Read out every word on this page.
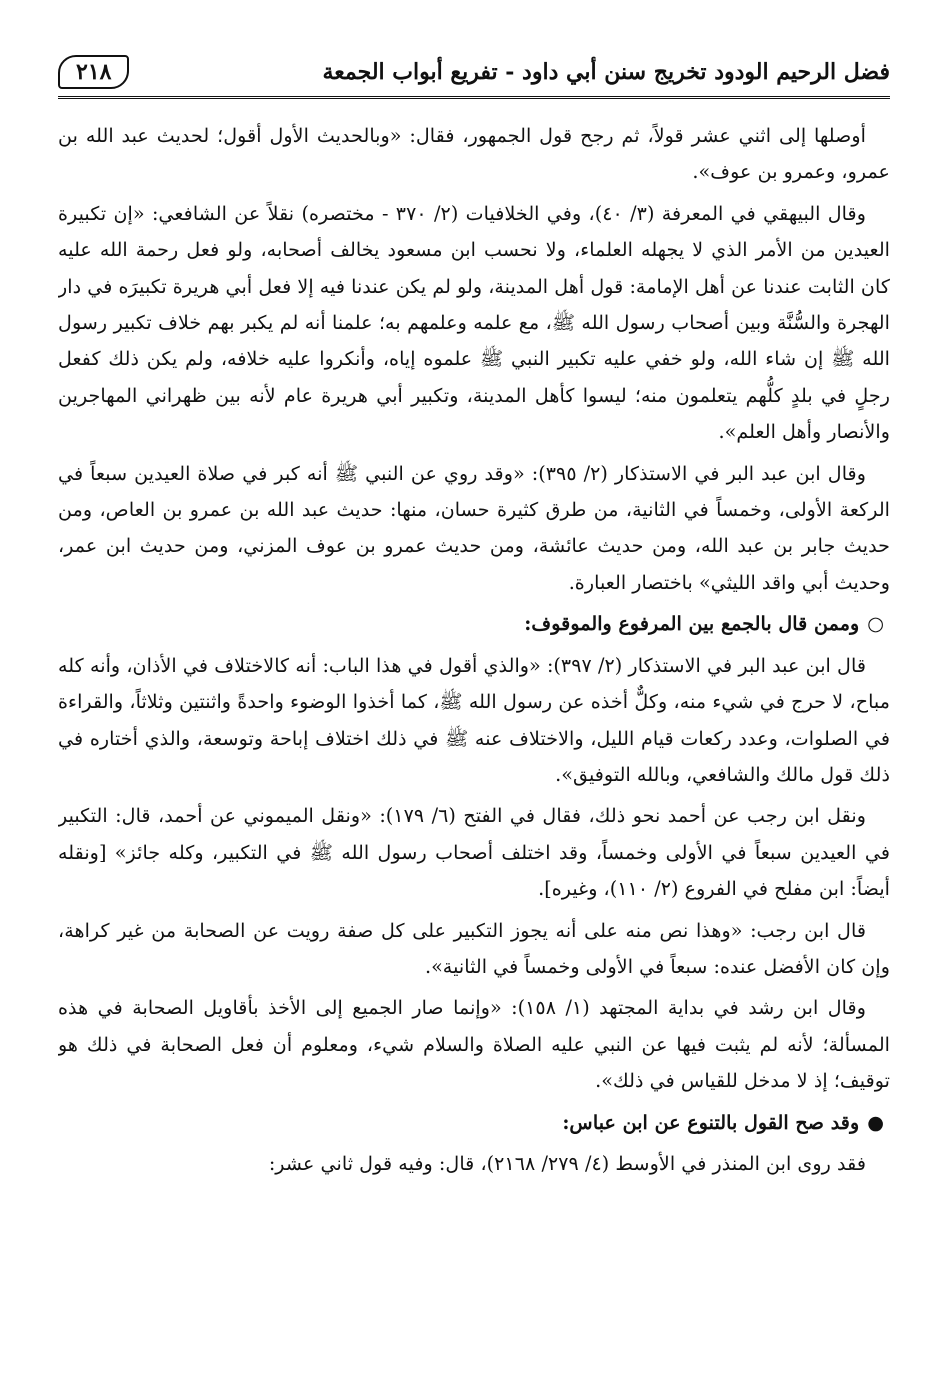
فضل الرحيم الودود تخريج سنن أبي داود - تفريع أبواب الجمعة
٢١٨

أوصلها إلى اثني عشر قولاً، ثم رجح قول الجمهور، فقال: «وبالحديث الأول أقول؛ لحديث عبد الله بن عمرو، وعمرو بن عوف».

وقال البيهقي في المعرفة (٣/ ٤٠)، وفي الخلافيات (٢/ ٣٧٠ - مختصره) نقلاً عن الشافعي: «إن تكبيرة العيدين من الأمر الذي لا يجهله العلماء، ولا نحسب ابن مسعود يخالف أصحابه، ولو فعل رحمة الله عليه كان الثابت عندنا عن أهل الإمامة: قول أهل المدينة، ولو لم يكن عندنا فيه إلا فعل أبي هريرة تكبيرَه في دار الهجرة والسُّنَّة وبين أصحاب رسول الله ﷺ، مع علمه وعلمهم به؛ علمنا أنه لم يكبر بهم خلاف تكبير رسول الله ﷺ إن شاء الله، ولو خفي عليه تكبير النبي ﷺ علموه إياه، وأنكروا عليه خلافه، ولم يكن ذلك كفعل رجلٍ في بلدٍ كلُّهم يتعلمون منه؛ ليسوا كأهل المدينة، وتكبير أبي هريرة عام لأنه بين ظهراني المهاجرين والأنصار وأهل العلم».

وقال ابن عبد البر في الاستذكار (٢/ ٣٩٥): «وقد روي عن النبي ﷺ أنه كبر في صلاة العيدين سبعاً في الركعة الأولى، وخمساً في الثانية، من طرق كثيرة حسان، منها: حديث عبد الله بن عمرو بن العاص، ومن حديث جابر بن عبد الله، ومن حديث عائشة، ومن حديث عمرو بن عوف المزني، ومن حديث ابن عمر، وحديث أبي واقد الليثي» باختصار العبارة.

○وممن قال بالجمع بين المرفوع والموقوف:

قال ابن عبد البر في الاستذكار (٢/ ٣٩٧): «والذي أقول في هذا الباب: أنه كالاختلاف في الأذان، وأنه كله مباح، لا حرج في شيء منه، وكلٌّ أخذه عن رسول الله ﷺ، كما أخذوا الوضوء واحدةً واثنتين وثلاثاً، والقراءة في الصلوات، وعدد ركعات قيام الليل، والاختلاف عنه ﷺ في ذلك اختلاف إباحة وتوسعة، والذي أختاره في ذلك قول مالك والشافعي، وبالله التوفيق».

ونقل ابن رجب عن أحمد نحو ذلك، فقال في الفتح (٦/ ١٧٩): «ونقل الميموني عن أحمد، قال: التكبير في العيدين سبعاً في الأولى وخمساً، وقد اختلف أصحاب رسول الله ﷺ في التكبير، وكله جائز» [ونقله أيضاً: ابن مفلح في الفروع (٢/ ١١٠)، وغيره].

قال ابن رجب: «وهذا نص منه على أنه يجوز التكبير على كل صفة رويت عن الصحابة من غير كراهة، وإن كان الأفضل عنده: سبعاً في الأولى وخمساً في الثانية».

وقال ابن رشد في بداية المجتهد (١/ ١٥٨): «وإنما صار الجميع إلى الأخذ بأقاويل الصحابة في هذه المسألة؛ لأنه لم يثبت فيها عن النبي عليه الصلاة والسلام شيء، ومعلوم أن فعل الصحابة في ذلك هو توقيف؛ إذ لا مدخل للقياس في ذلك».

●وقد صح القول بالتنوع عن ابن عباس:

فقد روى ابن المنذر في الأوسط (٤/ ٢٧٩/ ٢١٦٨)، قال: وفيه قول ثاني عشر:
